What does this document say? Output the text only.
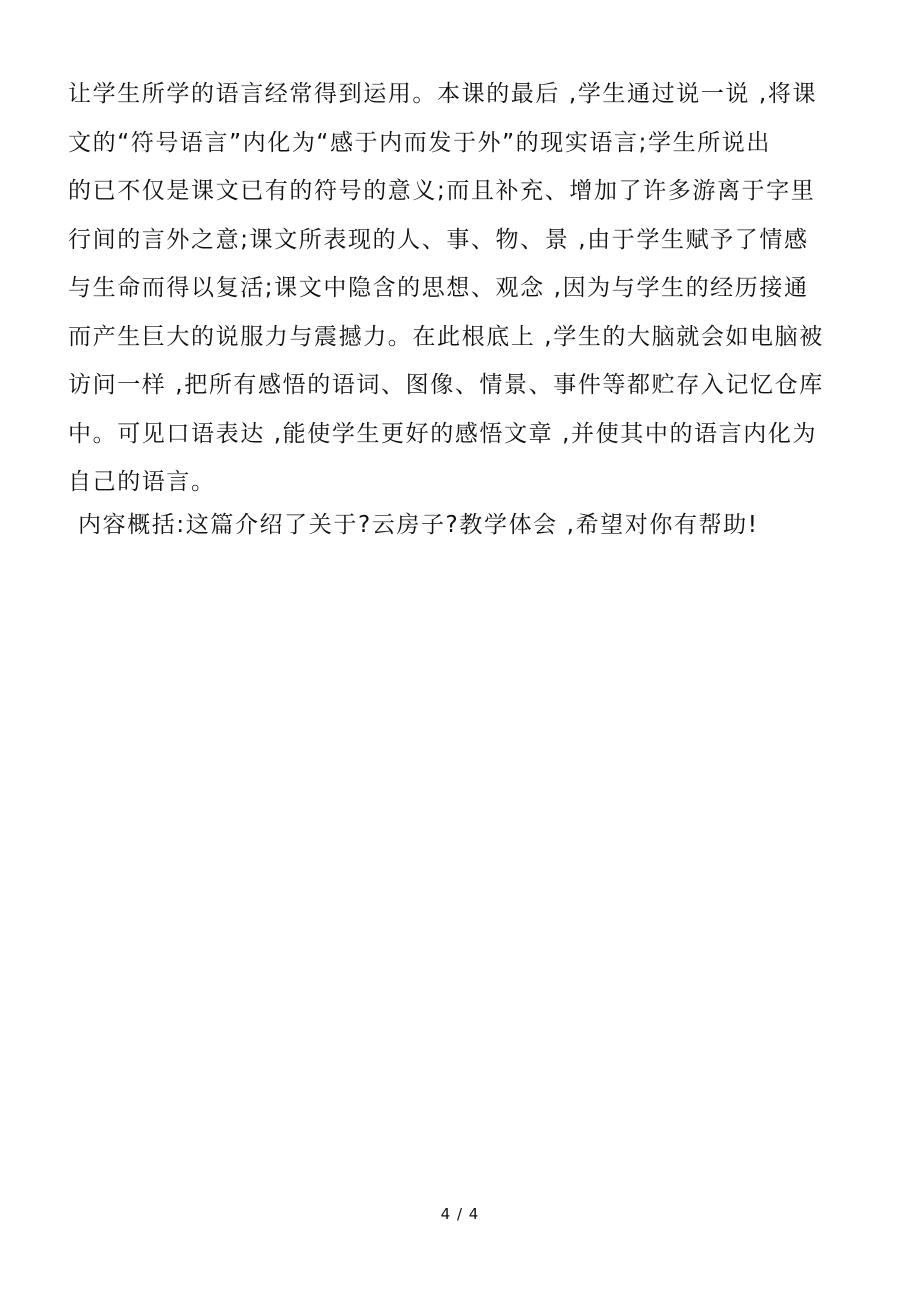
让学生所学的语言经常得到运用。本课的最后 ,学生通过说一说 ,将课
文的“符号语言”内化为“感于内而发于外”的现实语言;学生所说出
的已不仅是课文已有的符号的意义;而且补充、增加了许多游离于字里
行间的言外之意;课文所表现的人、事、物、景 ,由于学生赋予了情感
与生命而得以复活;课文中隐含的思想、观念 ,因为与学生的经历接通
而产生巨大的说服力与震撼力。在此根底上 ,学生的大脑就会如电脑被
访问一样 ,把所有感悟的语词、图像、情景、事件等都贮存入记忆仓库
中。可见口语表达 ,能使学生更好的感悟文章 ,并使其中的语言内化为
自己的语言。
内容概括:这篇介绍了关于?云房子?教学体会 ,希望对你有帮助!
4 / 4
